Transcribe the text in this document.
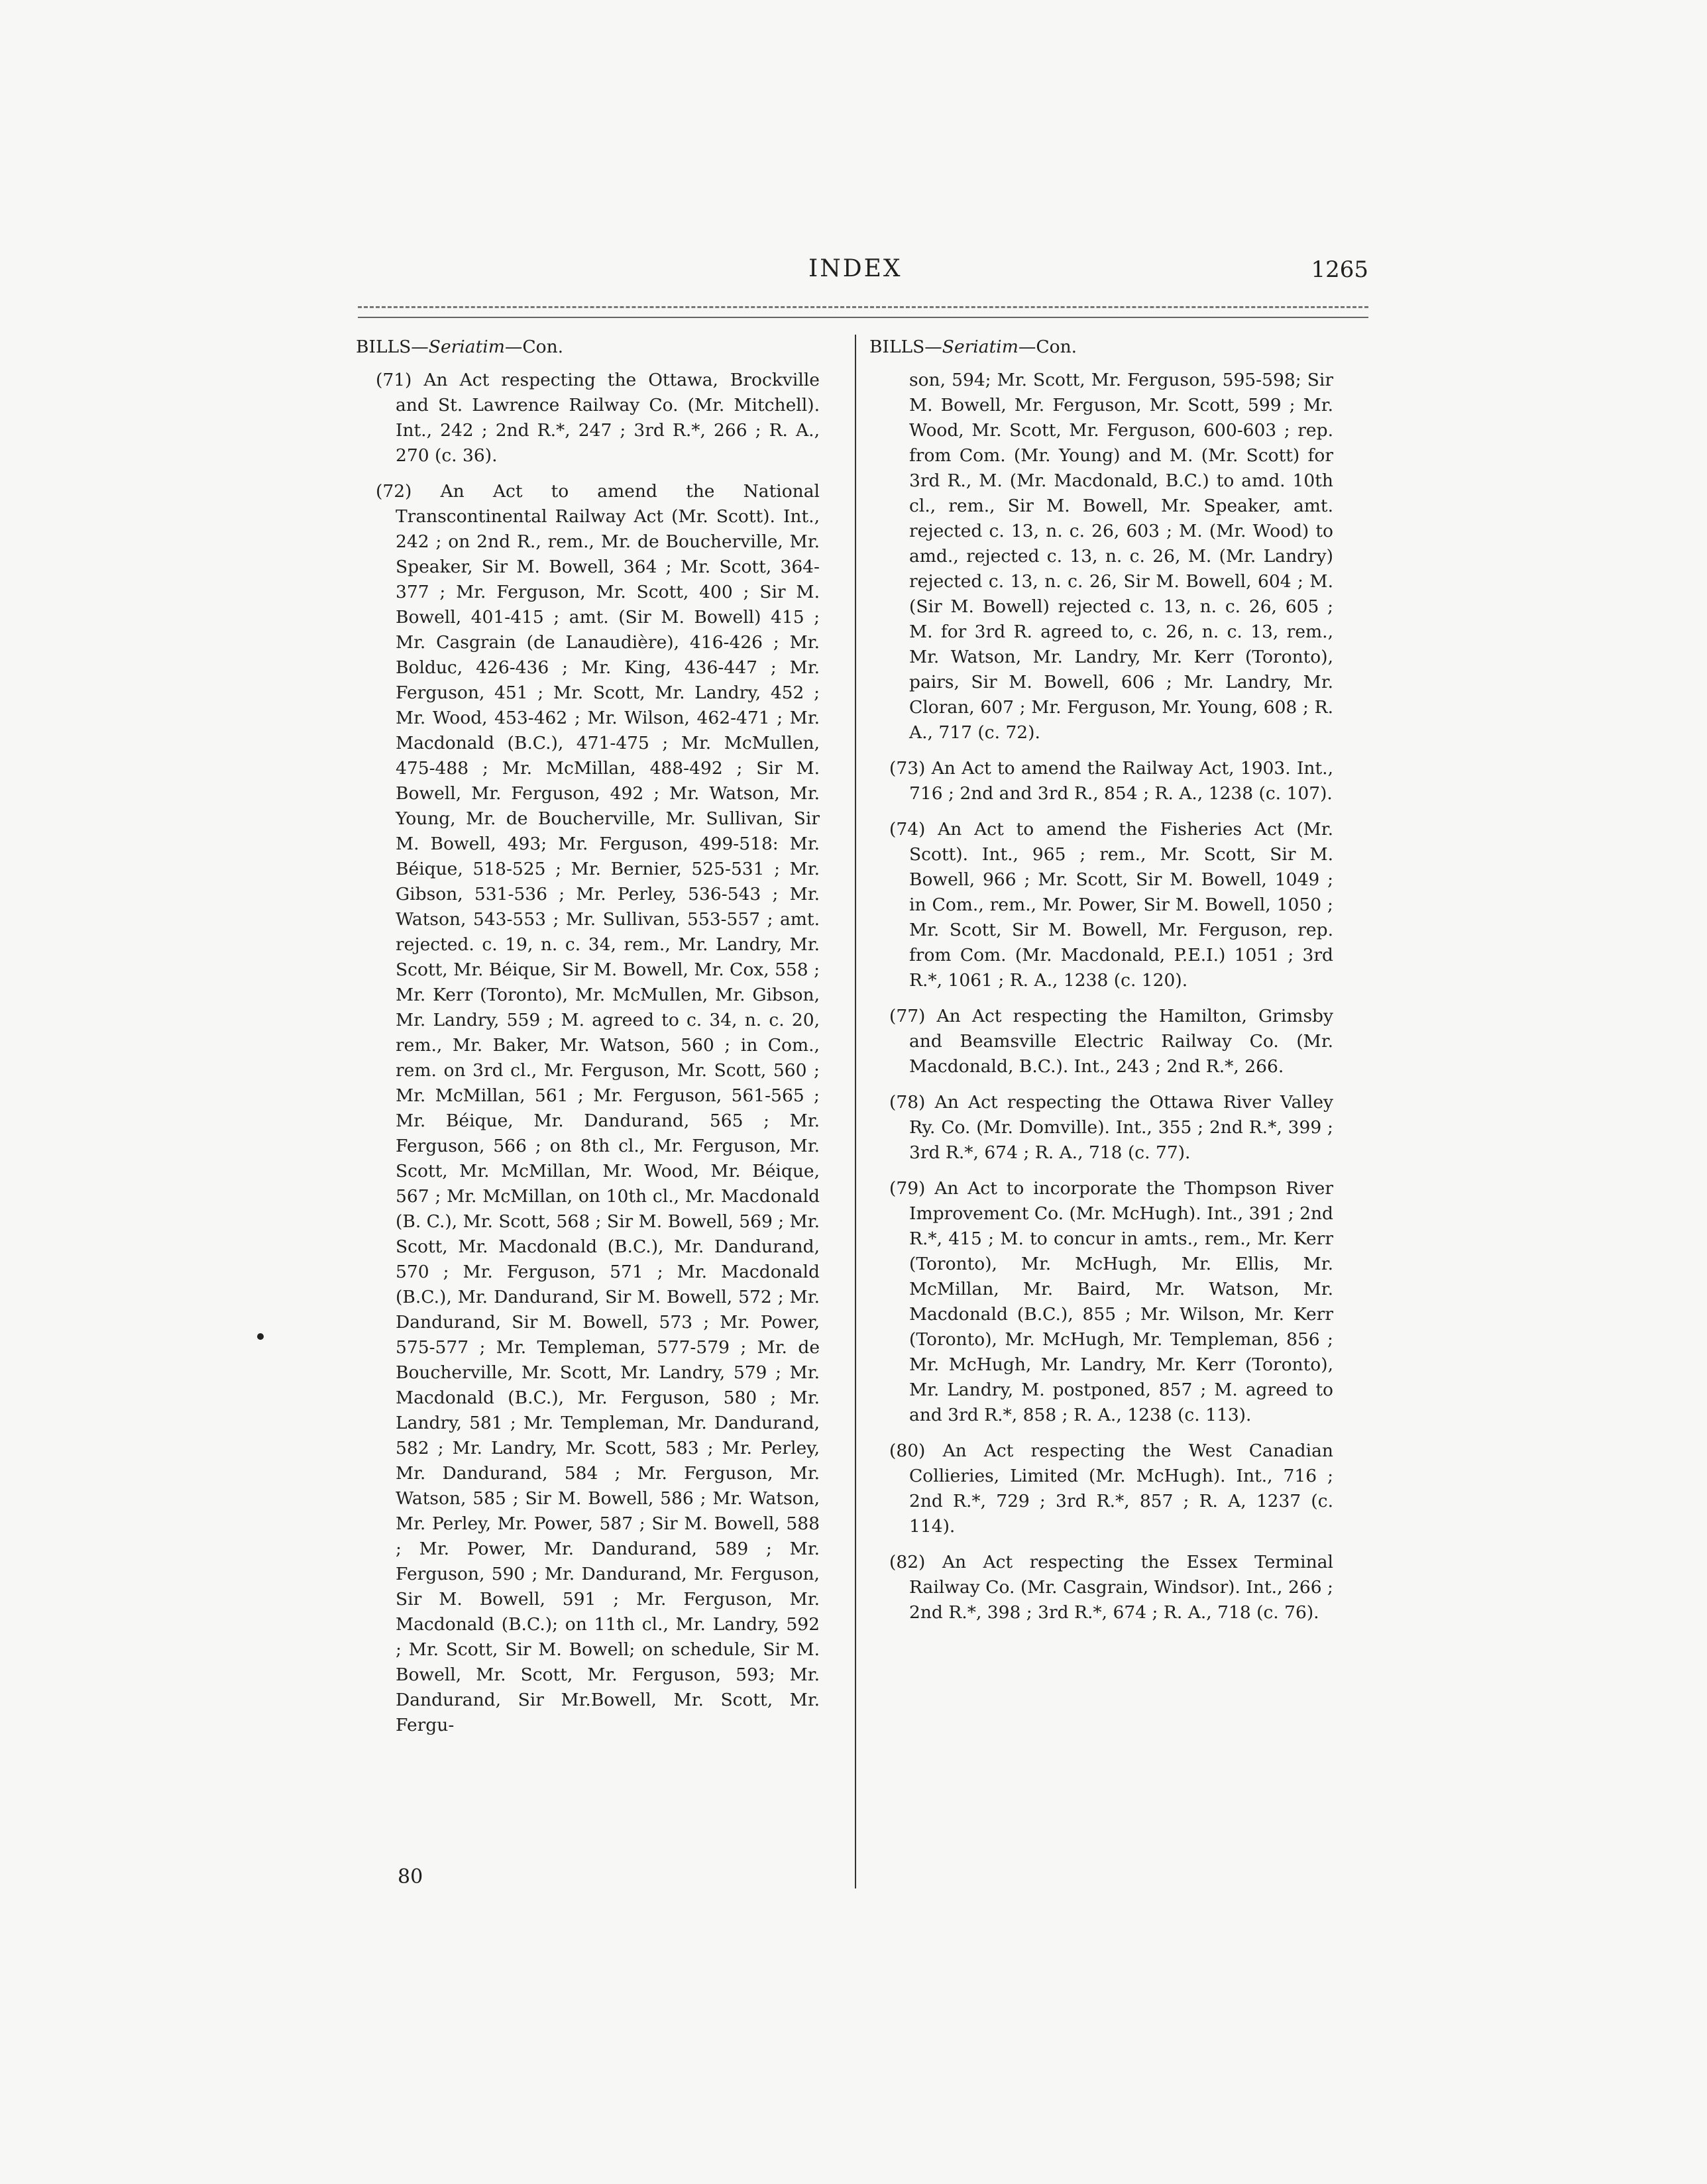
INDEX	1265

BILLS—Seriatim—Con.

(71) An Act respecting the Ottawa, Brockville and St. Lawrence Railway Co. (Mr. Mitchell). Int., 242 ; 2nd R.*, 247 ; 3rd R.*, 266 ; R. A., 270 (c. 36).

(72) An Act to amend the National Transcontinental Railway Act (Mr. Scott). Int., 242 ; on 2nd R., rem., Mr. de Boucherville, Mr. Speaker, Sir M. Bowell, 364 ; Mr. Scott, 364-377 ; Mr. Ferguson, Mr. Scott, 400 ; Sir M. Bowell, 401-415 ; amt. (Sir M. Bowell) 415 ; Mr. Casgrain (de Lanaudière), 416-426 ; Mr. Bolduc, 426-436 ; Mr. King, 436-447 ; Mr. Ferguson, 451 ; Mr. Scott, Mr. Landry, 452 ; Mr. Wood, 453-462 ; Mr. Wilson, 462-471 ; Mr. Macdonald (B.C.), 471-475 ; Mr. McMullen, 475-488 ; Mr. McMillan, 488-492 ; Sir M. Bowell, Mr. Ferguson, 492 ; Mr. Watson, Mr. Young, Mr. de Boucherville, Mr. Sullivan, Sir M. Bowell, 493; Mr. Ferguson, 499-518: Mr. Béique, 518-525 ; Mr. Bernier, 525-531 ; Mr. Gibson, 531-536 ; Mr. Perley, 536-543 ; Mr. Watson, 543-553 ; Mr. Sullivan, 553-557 ; amt. rejected. c. 19, n. c. 34, rem., Mr. Landry, Mr. Scott, Mr. Béique, Sir M. Bowell, Mr. Cox, 558 ; Mr. Kerr (Toronto), Mr. McMullen, Mr. Gibson, Mr. Landry, 559 ; M. agreed to c. 34, n. c. 20, rem., Mr. Baker, Mr. Watson, 560 ; in Com., rem. on 3rd cl., Mr. Ferguson, Mr. Scott, 560 ; Mr. McMillan, 561 ; Mr. Ferguson, 561-565 ; Mr. Béique, Mr. Dandurand, 565 ; Mr. Ferguson, 566 ; on 8th cl., Mr. Ferguson, Mr. Scott, Mr. McMillan, Mr. Wood, Mr. Béique, 567 ; Mr. McMillan, on 10th cl., Mr. Macdonald (B. C.), Mr. Scott, 568 ; Sir M. Bowell, 569 ; Mr. Scott, Mr. Macdonald (B.C.), Mr. Dandurand, 570 ; Mr. Ferguson, 571 ; Mr. Macdonald (B.C.), Mr. Dandurand, Sir M. Bowell, 572 ; Mr. Dandurand, Sir M. Bowell, 573 ; Mr. Power, 575-577 ; Mr. Templeman, 577-579 ; Mr. de Boucherville, Mr. Scott, Mr. Landry, 579 ; Mr. Macdonald (B.C.), Mr. Ferguson, 580 ; Mr. Landry, 581 ; Mr. Templeman, Mr. Dandurand, 582 ; Mr. Landry, Mr. Scott, 583 ; Mr. Perley, Mr. Dandurand, 584 ; Mr. Ferguson, Mr. Watson, 585 ; Sir M. Bowell, 586 ; Mr. Watson, Mr. Perley, Mr. Power, 587 ; Sir M. Bowell, 588 ; Mr. Power, Mr. Dandurand, 589 ; Mr. Ferguson, 590 ; Mr. Dandurand, Mr. Ferguson, Sir M. Bowell, 591 ; Mr. Ferguson, Mr. Macdonald (B.C.); on 11th cl., Mr. Landry, 592 ; Mr. Scott, Sir M. Bowell; on schedule, Sir M. Bowell, Mr. Scott, Mr. Ferguson, 593; Mr. Dandurand, Sir Mr.Bowell, Mr. Scott, Mr. Fergu-

BILLS—Seriatim—Con.

son, 594; Mr. Scott, Mr. Ferguson, 595-598; Sir M. Bowell, Mr. Ferguson, Mr. Scott, 599 ; Mr. Wood, Mr. Scott, Mr. Ferguson, 600-603 ; rep. from Com. (Mr. Young) and M. (Mr. Scott) for 3rd R., M. (Mr. Macdonald, B.C.) to amd. 10th cl., rem., Sir M. Bowell, Mr. Speaker, amt. rejected c. 13, n. c. 26, 603 ; M. (Mr. Wood) to amd., rejected c. 13, n. c. 26, M. (Mr. Landry) rejected c. 13, n. c. 26, Sir M. Bowell, 604 ; M. (Sir M. Bowell) rejected c. 13, n. c. 26, 605 ; M. for 3rd R. agreed to, c. 26, n. c. 13, rem., Mr. Watson, Mr. Landry, Mr. Kerr (Toronto), pairs, Sir M. Bowell, 606 ; Mr. Landry, Mr. Cloran, 607 ; Mr. Ferguson, Mr. Young, 608 ; R. A., 717 (c. 72).

(73) An Act to amend the Railway Act, 1903. Int., 716 ; 2nd and 3rd R., 854 ; R. A., 1238 (c. 107).

(74) An Act to amend the Fisheries Act (Mr. Scott). Int., 965 ; rem., Mr. Scott, Sir M. Bowell, 966 ; Mr. Scott, Sir M. Bowell, 1049 ; in Com., rem., Mr. Power, Sir M. Bowell, 1050 ; Mr. Scott, Sir M. Bowell, Mr. Ferguson, rep. from Com. (Mr. Macdonald, P.E.I.) 1051 ; 3rd R.*, 1061 ; R. A., 1238 (c. 120).

(77) An Act respecting the Hamilton, Grimsby and Beamsville Electric Railway Co. (Mr. Macdonald, B.C.). Int., 243 ; 2nd R.*, 266.

(78) An Act respecting the Ottawa River Valley Ry. Co. (Mr. Domville). Int., 355 ; 2nd R.*, 399 ; 3rd R.*, 674 ; R. A., 718 (c. 77).

(79) An Act to incorporate the Thompson River Improvement Co. (Mr. McHugh). Int., 391 ; 2nd R.*, 415 ; M. to concur in amts., rem., Mr. Kerr (Toronto), Mr. McHugh, Mr. Ellis, Mr. McMillan, Mr. Baird, Mr. Watson, Mr. Macdonald (B.C.), 855 ; Mr. Wilson, Mr. Kerr (Toronto), Mr. McHugh, Mr. Templeman, 856 ; Mr. McHugh, Mr. Landry, Mr. Kerr (Toronto), Mr. Landry, M. postponed, 857 ; M. agreed to and 3rd R.*, 858 ; R. A., 1238 (c. 113).

(80) An Act respecting the West Canadian Collieries, Limited (Mr. McHugh). Int., 716 ; 2nd R.*, 729 ; 3rd R.*, 857 ; R. A, 1237 (c. 114).

(82) An Act respecting the Essex Terminal Railway Co. (Mr. Casgrain, Windsor). Int., 266 ; 2nd R.*, 398 ; 3rd R.*, 674 ; R. A., 718 (c. 76).

80
